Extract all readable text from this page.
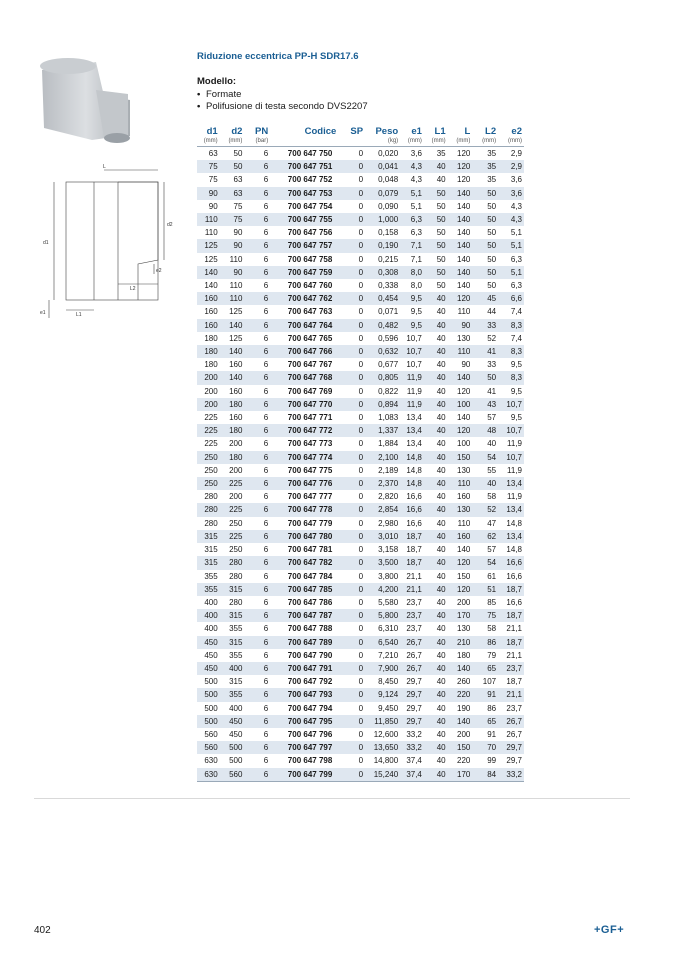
L
L1
L2
d1
d2
e1
e2
Riduzione eccentrica PP-H SDR17.6
Modello:
• Formate
• Polifusione di testa secondo DVS2207
d1	d2	PN	Codice	SP	Peso	e1	L1	L	L2	e2
(mm)	(mm)	(bar)			(kg)	(mm)	(mm)	(mm)	(mm)	(mm)
63	50	6	700 647 750	0	0,020	3,6	35	120	35	2,9
75	50	6	700 647 751	0	0,041	4,3	40	120	35	2,9
75	63	6	700 647 752	0	0,048	4,3	40	120	35	3,6
90	63	6	700 647 753	0	0,079	5,1	50	140	50	3,6
90	75	6	700 647 754	0	0,090	5,1	50	140	50	4,3
110	75	6	700 647 755	0	1,000	6,3	50	140	50	4,3
110	90	6	700 647 756	0	0,158	6,3	50	140	50	5,1
125	90	6	700 647 757	0	0,190	7,1	50	140	50	5,1
125	110	6	700 647 758	0	0,215	7,1	50	140	50	6,3
140	90	6	700 647 759	0	0,308	8,0	50	140	50	5,1
140	110	6	700 647 760	0	0,338	8,0	50	140	50	6,3
160	110	6	700 647 762	0	0,454	9,5	40	120	45	6,6
160	125	6	700 647 763	0	0,071	9,5	40	110	44	7,4
160	140	6	700 647 764	0	0,482	9,5	40	90	33	8,3
180	125	6	700 647 765	0	0,596	10,7	40	130	52	7,4
180	140	6	700 647 766	0	0,632	10,7	40	110	41	8,3
180	160	6	700 647 767	0	0,677	10,7	40	90	33	9,5
200	140	6	700 647 768	0	0,805	11,9	40	140	50	8,3
200	160	6	700 647 769	0	0,822	11,9	40	120	41	9,5
200	180	6	700 647 770	0	0,894	11,9	40	100	43	10,7
225	160	6	700 647 771	0	1,083	13,4	40	140	57	9,5
225	180	6	700 647 772	0	1,337	13,4	40	120	48	10,7
225	200	6	700 647 773	0	1,884	13,4	40	100	40	11,9
250	180	6	700 647 774	0	2,100	14,8	40	150	54	10,7
250	200	6	700 647 775	0	2,189	14,8	40	130	55	11,9
250	225	6	700 647 776	0	2,370	14,8	40	110	40	13,4
280	200	6	700 647 777	0	2,820	16,6	40	160	58	11,9
280	225	6	700 647 778	0	2,854	16,6	40	130	52	13,4
280	250	6	700 647 779	0	2,980	16,6	40	110	47	14,8
315	225	6	700 647 780	0	3,010	18,7	40	160	62	13,4
315	250	6	700 647 781	0	3,158	18,7	40	140	57	14,8
315	280	6	700 647 782	0	3,500	18,7	40	120	54	16,6
355	280	6	700 647 784	0	3,800	21,1	40	150	61	16,6
355	315	6	700 647 785	0	4,200	21,1	40	120	51	18,7
400	280	6	700 647 786	0	5,580	23,7	40	200	85	16,6
400	315	6	700 647 787	0	5,800	23,7	40	170	75	18,7
400	355	6	700 647 788	0	6,310	23,7	40	130	58	21,1
450	315	6	700 647 789	0	6,540	26,7	40	210	86	18,7
450	355	6	700 647 790	0	7,210	26,7	40	180	79	21,1
450	400	6	700 647 791	0	7,900	26,7	40	140	65	23,7
500	315	6	700 647 792	0	8,450	29,7	40	260	107	18,7
500	355	6	700 647 793	0	9,124	29,7	40	220	91	21,1
500	400	6	700 647 794	0	9,450	29,7	40	190	86	23,7
500	450	6	700 647 795	0	11,850	29,7	40	140	65	26,7
560	450	6	700 647 796	0	12,600	33,2	40	200	91	26,7
560	500	6	700 647 797	0	13,650	33,2	40	150	70	29,7
630	500	6	700 647 798	0	14,800	37,4	40	220	99	29,7
630	560	6	700 647 799	0	15,240	37,4	40	170	84	33,2
402	+GF+
